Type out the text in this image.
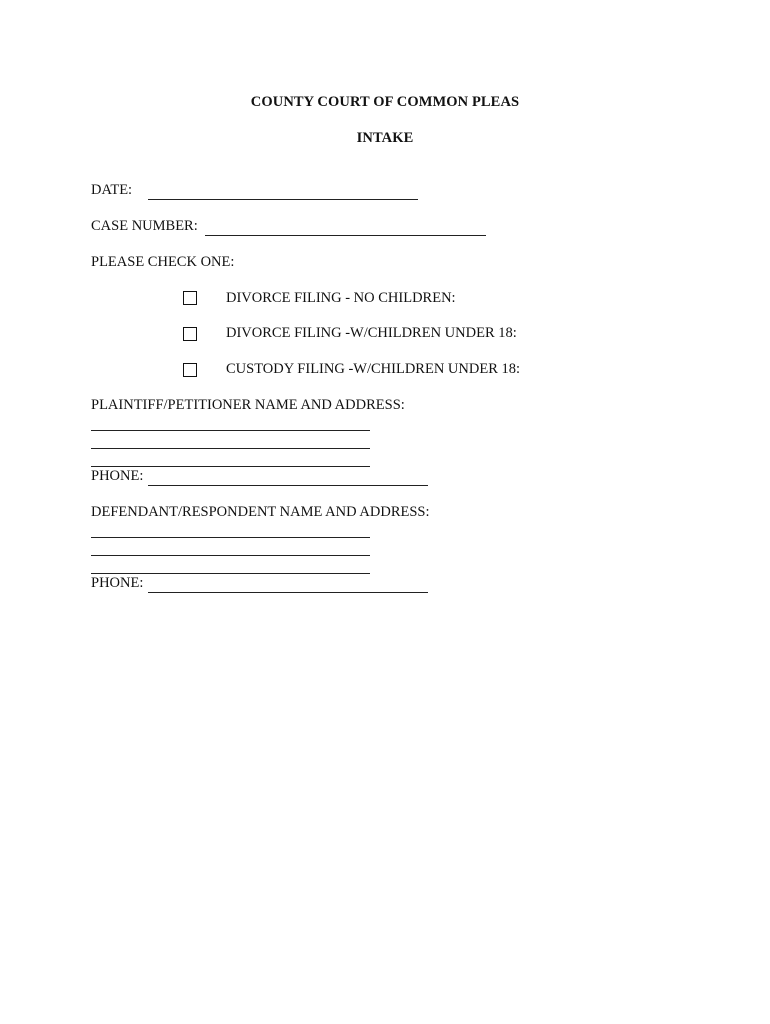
COUNTY COURT OF COMMON PLEAS
INTAKE
DATE:
CASE NUMBER:
PLEASE CHECK ONE:
DIVORCE FILING - NO CHILDREN:
DIVORCE FILING -W/CHILDREN UNDER 18:
CUSTODY FILING -W/CHILDREN UNDER 18:
PLAINTIFF/PETITIONER NAME AND ADDRESS:
PHONE:
DEFENDANT/RESPONDENT NAME AND ADDRESS:
PHONE:
